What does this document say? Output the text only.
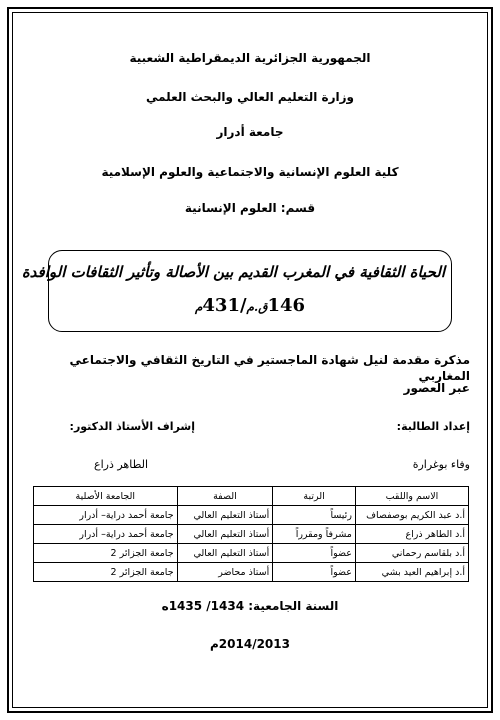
الجمهورية الجزائرية الديمقراطية الشعبية
وزارة التعليم العالي والبحث العلمي
جامعة أدرار
كلية العلوم الإنسانية والاجتماعية والعلوم الإسلامية
قسم: العلوم الإنسانية
الحياة الثقافية في المغرب القديم بين الأصالة وتأثير الثقافات الوافدة
146ق.م/431م
مذكرة مقدمة لنيل شهادة الماجستير في التاريخ الثقافي والاجتماعي المغاربي
عبر العصور
إعداد الطالبة:
وفاء بوغرارة
إشراف الأستاذ الدكتور:
الطاهر ذراع
الاسم واللقب	الرتبة	الصفة	الجامعة الأصلية
أ.د عبد الكريم بوصفصاف	رئيساً	أستاذ التعليم العالي	جامعة أحمد دراية– أدرار
أ.د الطاهر ذراع	مشرفاً ومقرراً	أستاذ التعليم العالي	جامعة أحمد دراية– أدرار
أ.د بلقاسم رحماني	عضواً	أستاذ التعليم العالي	جامعة الجزائر 2
أ.د إبراهيم العيد بشي	عضواً	أستاذ محاضر	جامعة الجزائر 2
السنة الجامعية: 1434/ 1435ه
2014/2013م
